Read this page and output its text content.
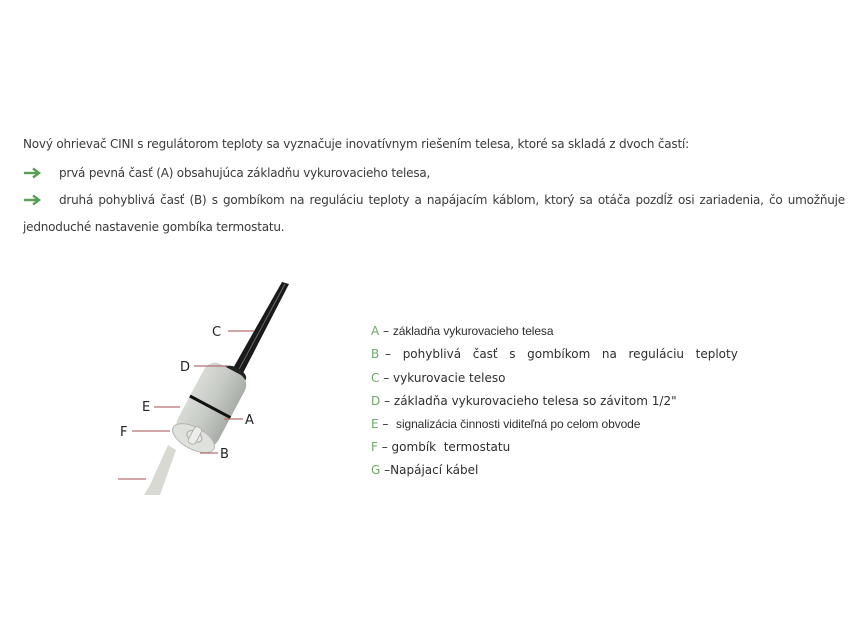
Nový ohrievač CINI s regulátorom teploty sa vyznačuje inovatívnym riešením telesa, ktoré sa skladá z dvoch častí:

prvá pevná časť (A) obsahujúca základňu vykurovacieho telesa,
druhá pohyblivá časť (B) s gombíkom na reguláciu teploty a napájacím káblom, ktorý sa otáča pozdĺž osi zariadenia, čo umožňuje

jednoduché nastavenie gombíka termostatu.

C
D
E
F
A
B
A – základňa vykurovacieho telesa
B –  pohyblivá  časť  s  gombíkom  na  reguláciu  teploty
C – vykurovacie teleso
D – základňa vykurovacieho telesa so závitom 1/2"
E –  signalizácia činnosti viditeľná po celom obvode
F – gombík  termostatu
G –Napájací kábel
